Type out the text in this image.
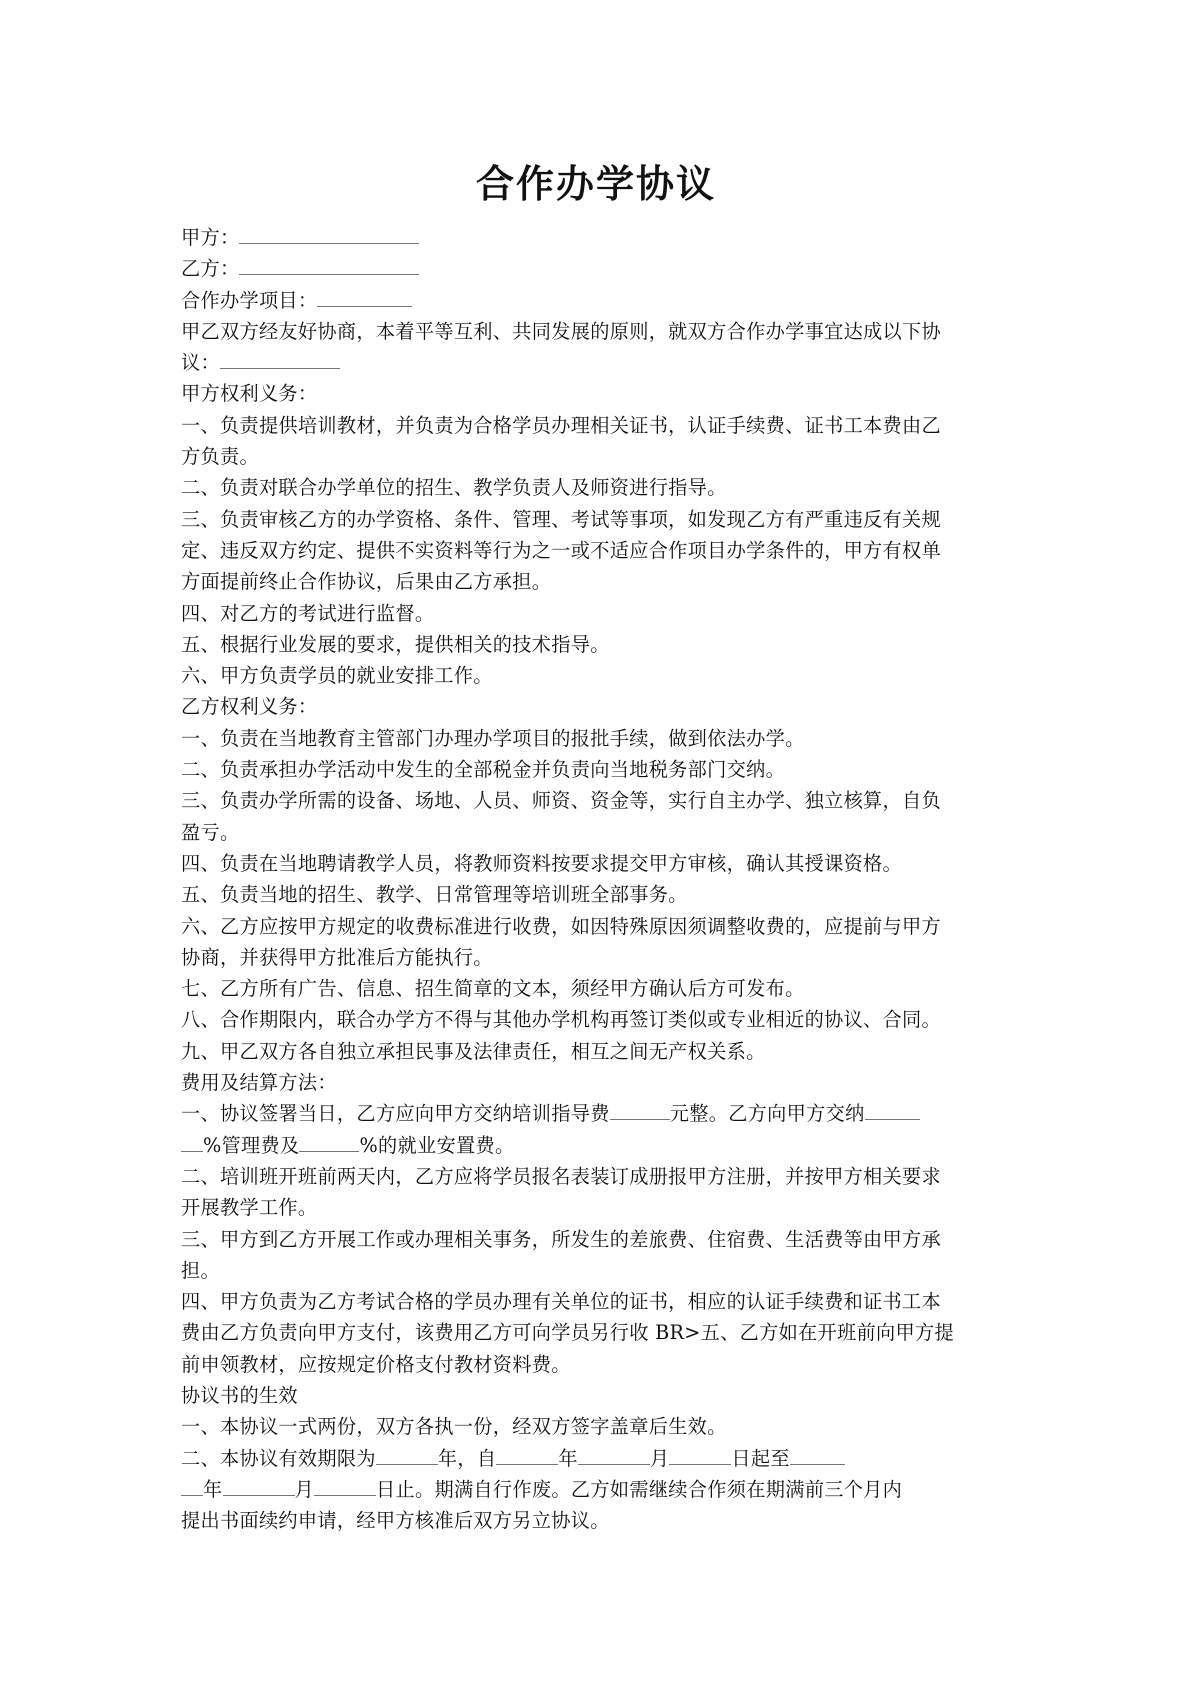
合作办学协议
甲方：
乙方：
合作办学项目：
甲乙双方经友好协商，本着平等互利、共同发展的原则，就双方合作办学事宜达成以下协
议：
甲方权利义务：
一、负责提供培训教材，并负责为合格学员办理相关证书，认证手续费、证书工本费由乙
方负责。
二、负责对联合办学单位的招生、教学负责人及师资进行指导。
三、负责审核乙方的办学资格、条件、管理、考试等事项，如发现乙方有严重违反有关规
定、违反双方约定、提供不实资料等行为之一或不适应合作项目办学条件的，甲方有权单
方面提前终止合作协议，后果由乙方承担。
四、对乙方的考试进行监督。
五、根据行业发展的要求，提供相关的技术指导。
六、甲方负责学员的就业安排工作。
乙方权利义务：
一、负责在当地教育主管部门办理办学项目的报批手续，做到依法办学。
二、负责承担办学活动中发生的全部税金并负责向当地税务部门交纳。
三、负责办学所需的设备、场地、人员、师资、资金等，实行自主办学、独立核算，自负
盈亏。
四、负责在当地聘请教学人员，将教师资料按要求提交甲方审核，确认其授课资格。
五、负责当地的招生、教学、日常管理等培训班全部事务。
六、乙方应按甲方规定的收费标准进行收费，如因特殊原因须调整收费的，应提前与甲方
协商，并获得甲方批准后方能执行。
七、乙方所有广告、信息、招生简章的文本，须经甲方确认后方可发布。
八、合作期限内，联合办学方不得与其他办学机构再签订类似或专业相近的协议、合同。
九、甲乙双方各自独立承担民事及法律责任，相互之间无产权关系。
费用及结算方法：
一、协议签署当日，乙方应向甲方交纳培训指导费	元整。乙方向甲方交纳
%管理费及	%的就业安置费。
二、培训班开班前两天内，乙方应将学员报名表装订成册报甲方注册，并按甲方相关要求
开展教学工作。
三、甲方到乙方开展工作或办理相关事务，所发生的差旅费、住宿费、生活费等由甲方承
担。
四、甲方负责为乙方考试合格的学员办理有关单位的证书，相应的认证手续费和证书工本
费由乙方负责向甲方支付，该费用乙方可向学员另行收 BR>五、乙方如在开班前向甲方提
前申领教材，应按规定价格支付教材资料费。
协议书的生效
一、本协议一式两份，双方各执一份，经双方签字盖章后生效。
二、本协议有效期限为	年，自	年	月	日起至
年	月	日止。期满自行作废。乙方如需继续合作须在期满前三个月内
提出书面续约申请，经甲方核准后双方另立协议。
